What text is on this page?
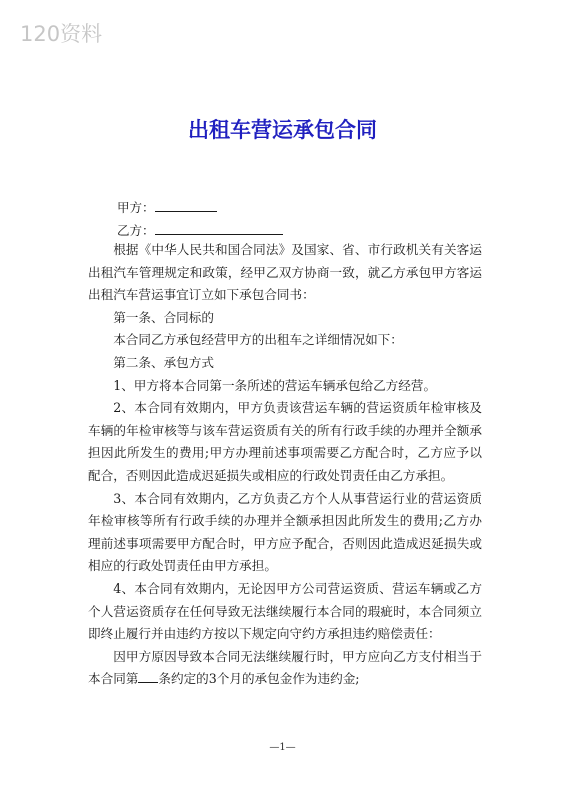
120资料
出租车营运承包合同
甲方：
乙方：

根据《中华人民共和国合同法》及国家、省、市行政机关有关客运出租汽车管理规定和政策，经甲乙双方协商一致，就乙方承包甲方客运出租汽车营运事宜订立如下承包合同书：

第一条、合同标的

本合同乙方承包经营甲方的出租车之详细情况如下：

第二条、承包方式

1、甲方将本合同第一条所述的营运车辆承包给乙方经营。

2、本合同有效期内，甲方负责该营运车辆的营运资质年检审核及车辆的年检审核等与该车营运资质有关的所有行政手续的办理并全额承担因此所发生的费用;甲方办理前述事项需要乙方配合时，乙方应予以配合，否则因此造成迟延损失或相应的行政处罚责任由乙方承担。

3、本合同有效期内，乙方负责乙方个人从事营运行业的营运资质年检审核等所有行政手续的办理并全额承担因此所发生的费用;乙方办理前述事项需要甲方配合时，甲方应予配合，否则因此造成迟延损失或相应的行政处罚责任由甲方承担。

4、本合同有效期内，无论因甲方公司营运资质、营运车辆或乙方个人营运资质存在任何导致无法继续履行本合同的瑕疵时，本合同须立即终止履行并由违约方按以下规定向守约方承担违约赔偿责任：

因甲方原因导致本合同无法继续履行时，甲方应向乙方支付相当于本合同第 条约定的3个月的承包金作为违约金;

—1—
